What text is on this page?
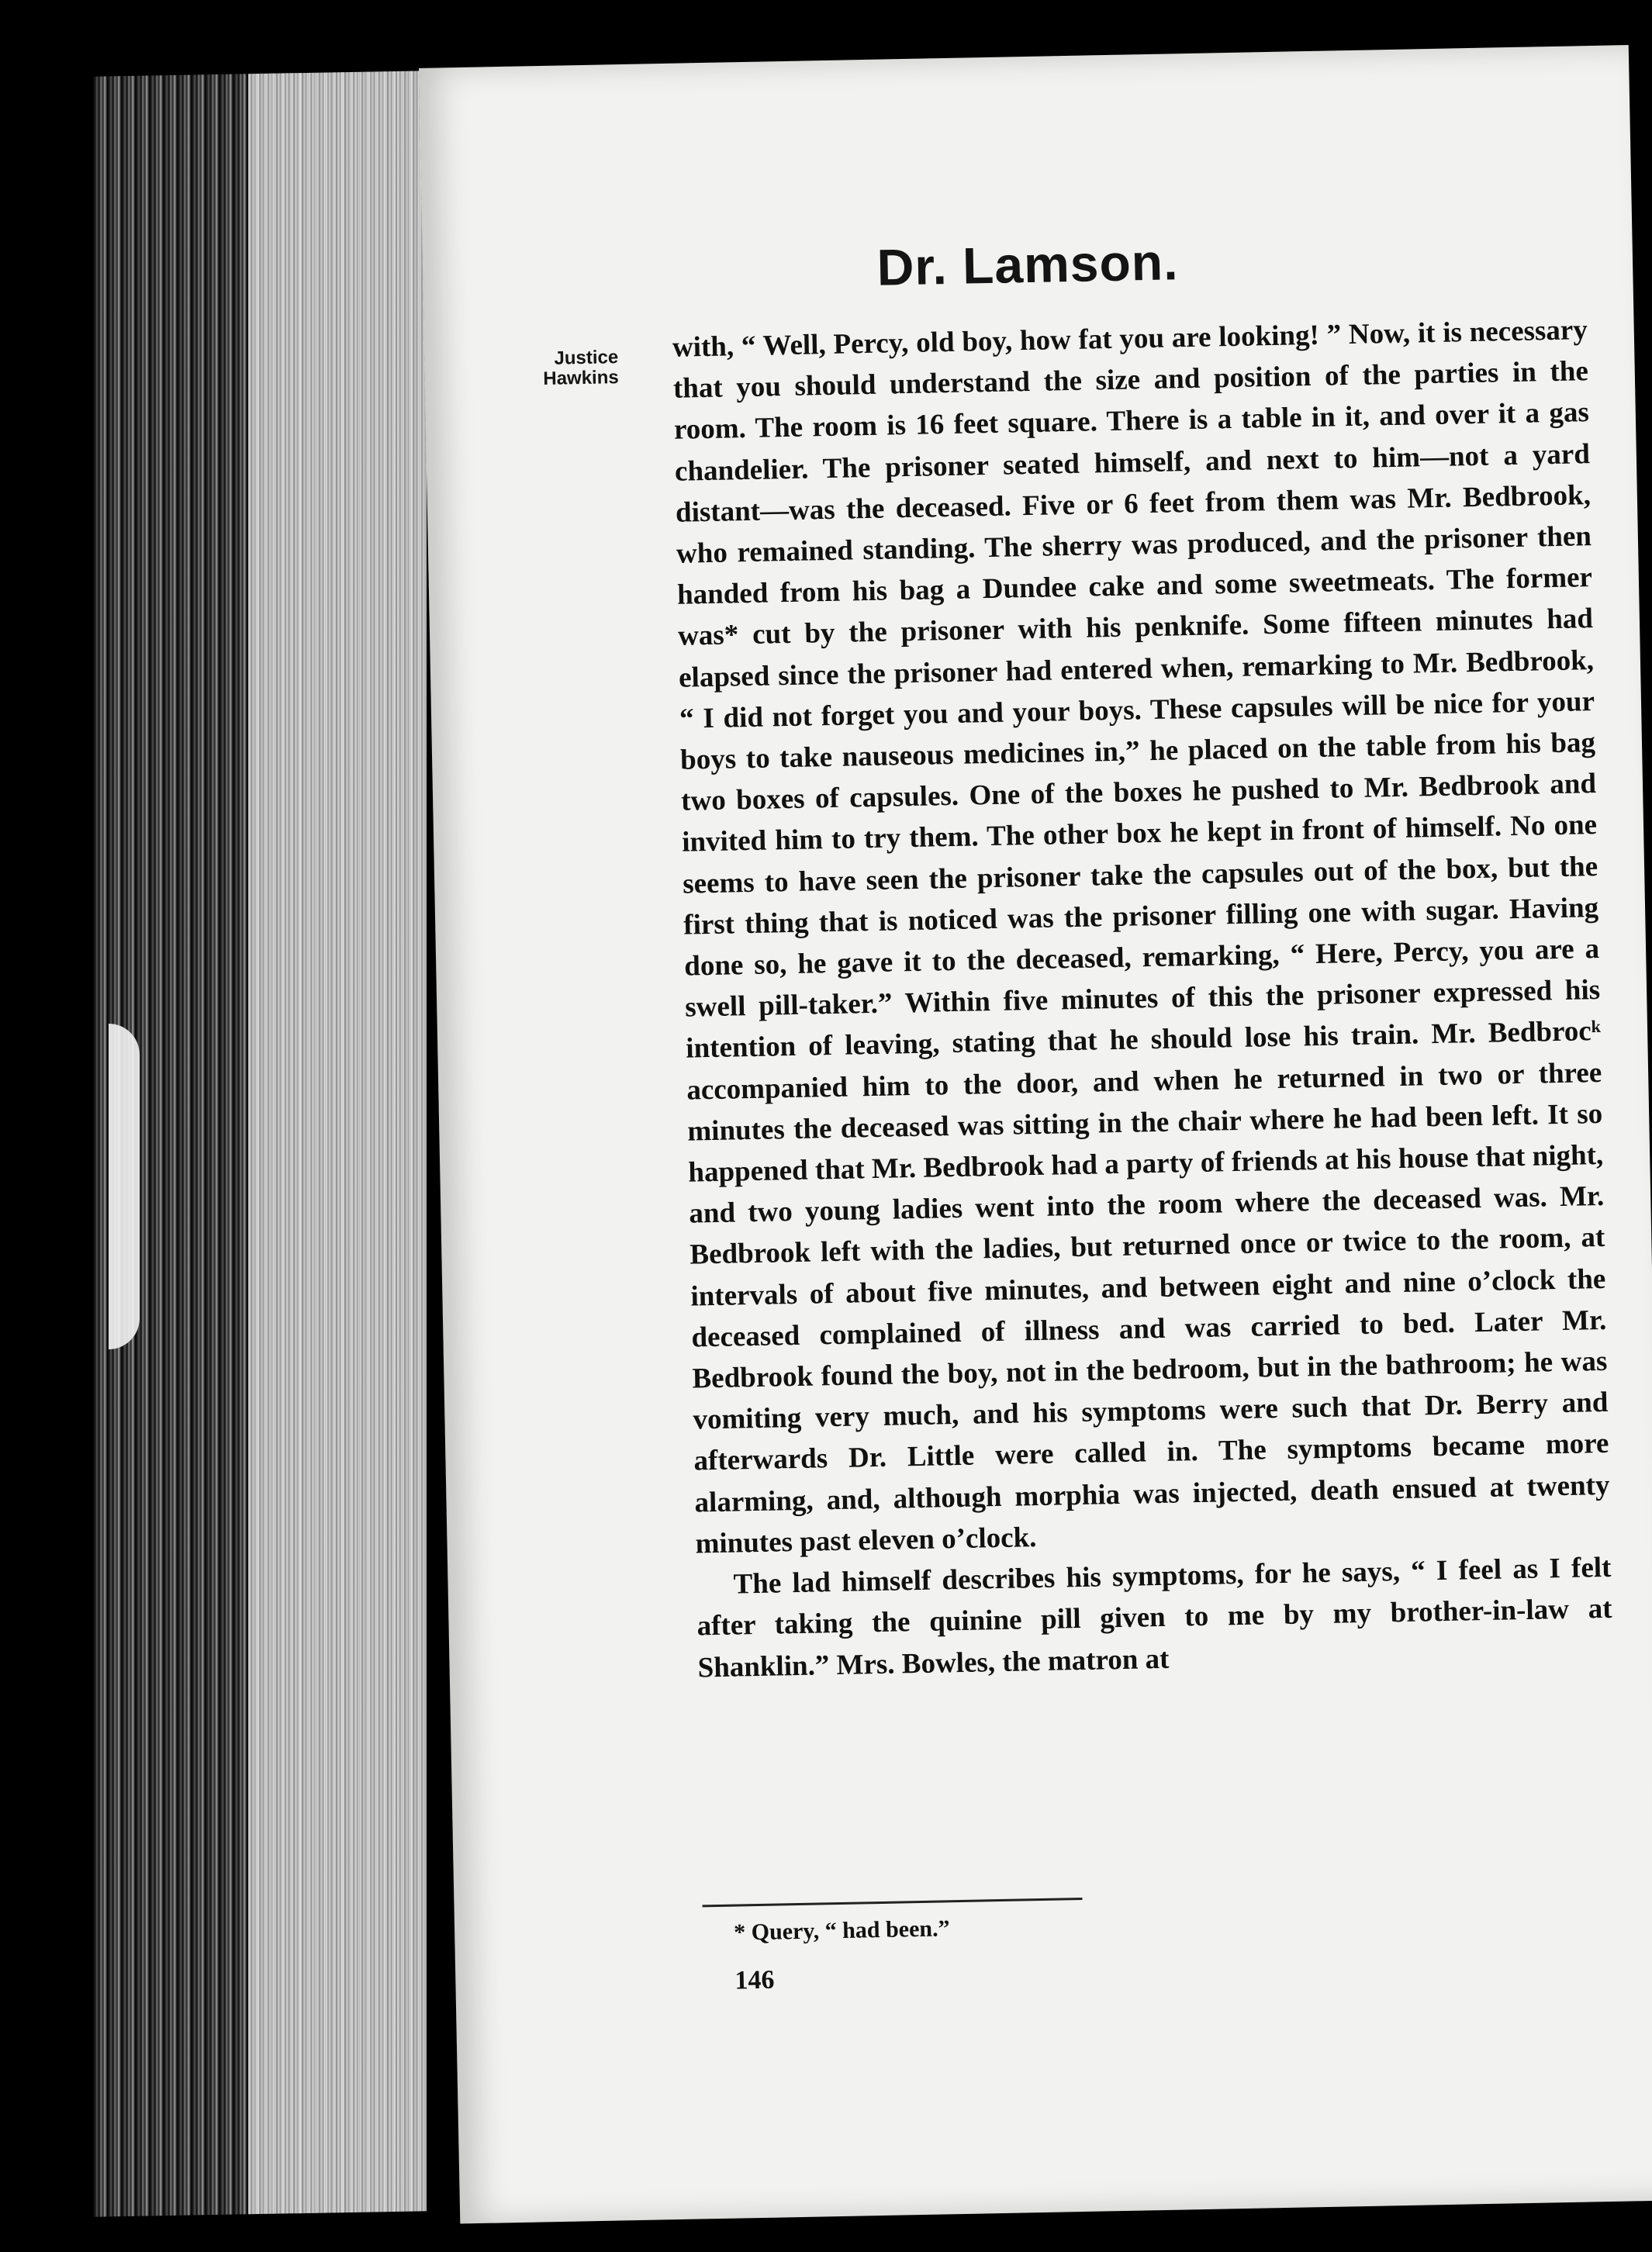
Dr. Lamson.
Justice
Hawkins

with, “ Well, Percy, old boy, how fat you are looking! ” Now, it is necessary that you should understand the size and position of the parties in the room. The room is 16 feet square. There is a table in it, and over it a gas chandelier. The prisoner seated himself, and next to him—not a yard distant—was the deceased. Five or 6 feet from them was Mr. Bedbrook, who remained standing. The sherry was produced, and the prisoner then handed from his bag a Dundee cake and some sweetmeats. The former was* cut by the prisoner with his penknife. Some fifteen minutes had elapsed since the prisoner had entered when, remarking to Mr. Bedbrook, “ I did not forget you and your boys. These capsules will be nice for your boys to take nauseous medicines in,” he placed on the table from his bag two boxes of capsules. One of the boxes he pushed to Mr. Bedbrook and invited him to try them. The other box he kept in front of himself. No one seems to have seen the prisoner take the capsules out of the box, but the first thing that is noticed was the prisoner filling one with sugar. Having done so, he gave it to the deceased, remarking, “ Here, Percy, you are a swell pill-taker.” Within five minutes of this the prisoner expressed his intention of leaving, stating that he should lose his train. Mr. Bedbrocᵏ accompanied him to the door, and when he returned in two or three minutes the deceased was sitting in the chair where he had been left. It so happened that Mr. Bedbrook had a party of friends at his house that night, and two young ladies went into the room where the deceased was. Mr. Bedbrook left with the ladies, but returned once or twice to the room, at intervals of about five minutes, and between eight and nine o’clock the deceased complained of illness and was carried to bed. Later Mr. Bedbrook found the boy, not in the bedroom, but in the bathroom; he was vomiting very much, and his symptoms were such that Dr. Berry and afterwards Dr. Little were called in. The symptoms became more alarming, and, although morphia was injected, death ensued at twenty minutes past eleven o’clock.

The lad himself describes his symptoms, for he says, “ I feel as I felt after taking the quinine pill given to me by my brother-in-law at Shanklin.” Mrs. Bowles, the matron at

* Query, “ had been.”
146
